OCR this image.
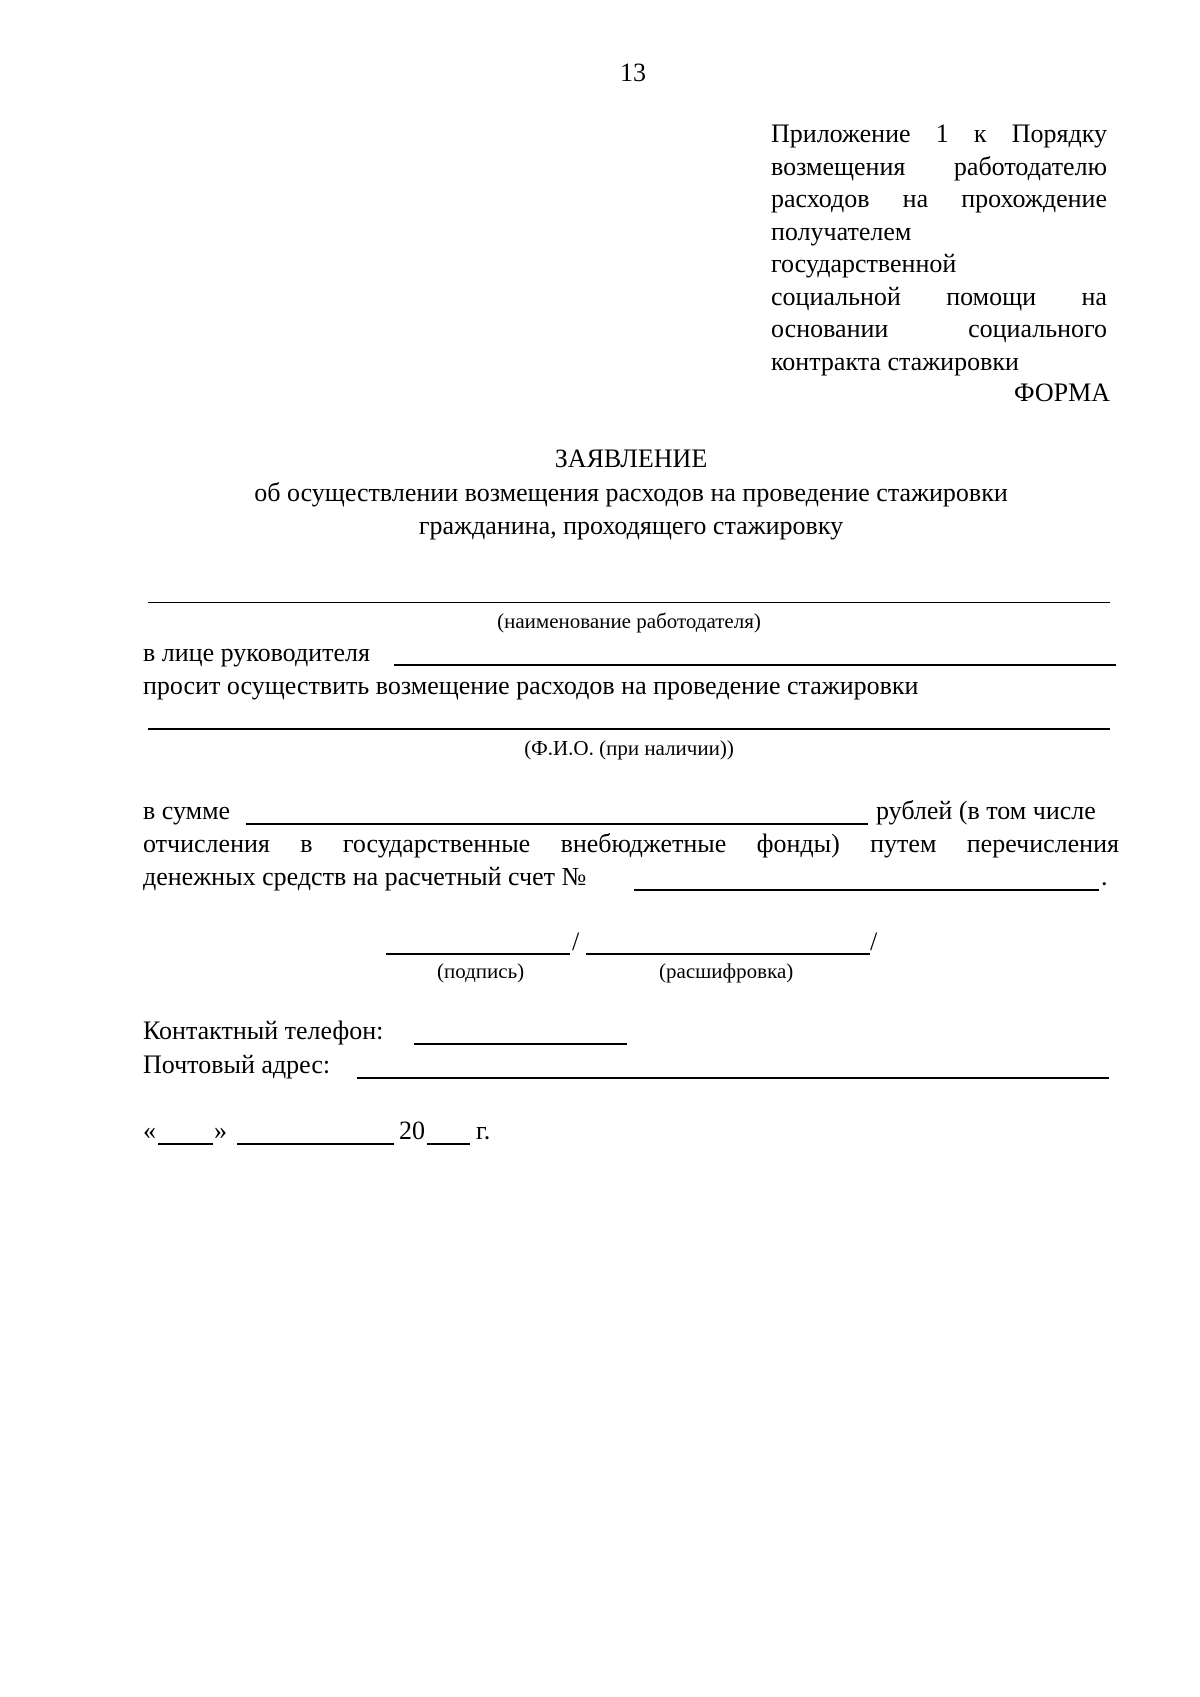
13
Приложение 1 к Порядку
возмещения работодателю
расходов на прохождение
получателем
государственной
социальной помощи на
основании	социального
контракта стажировки
ФОРМА
ЗАЯВЛЕНИЕ
об осуществлении возмещения расходов на проведение стажировки
гражданина, проходящего стажировку
(наименование работодателя)
в лице руководителя
просит осуществить возмещение расходов на проведение стажировки
(Ф.И.О. (при наличии))
в сумме	рублей (в том числе
отчисления в государственные внебюджетные фонды) путем перечисления
денежных средств на расчетный счет №	.
/	/
(подпись)	(расшифровка)
Контактный телефон:
Почтовый адрес:
« »	20 г.
